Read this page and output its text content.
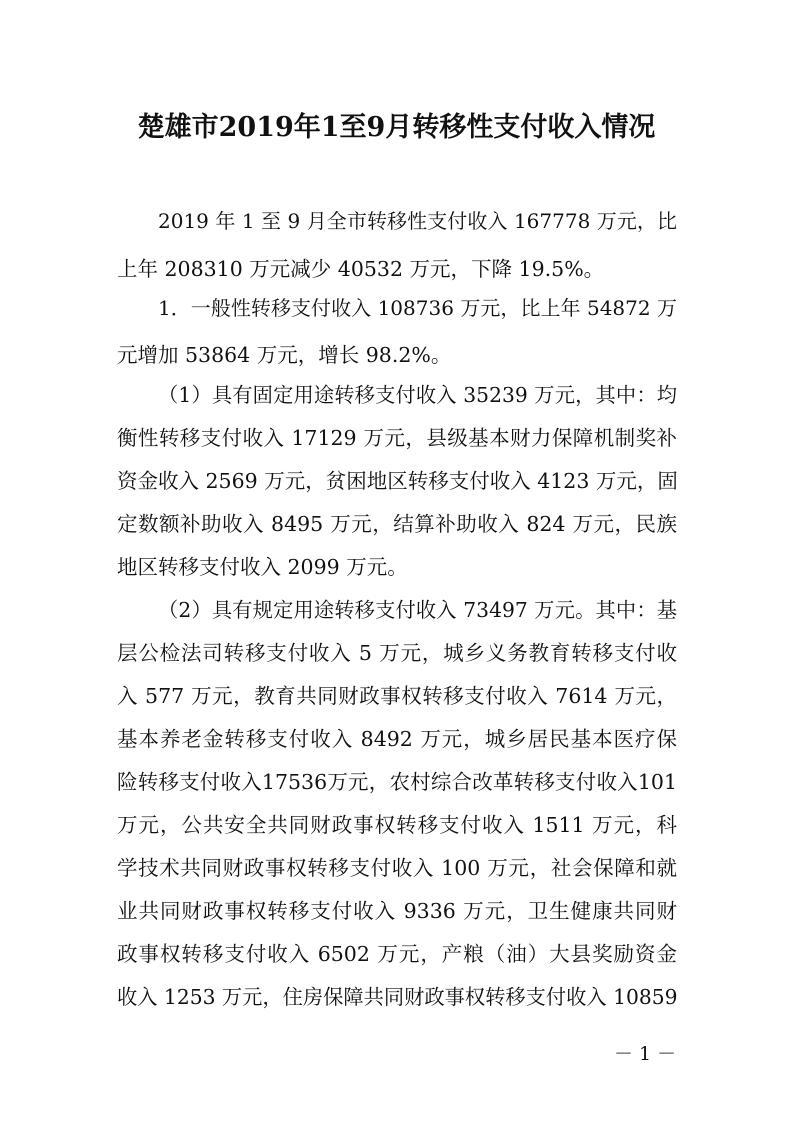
楚雄市2019年1至9月转移性支付收入情况
2019 年 1 至 9 月全市转移性支付收入 167778 万元，比
上年 208310 万元减少 40532 万元，下降 19.5%。
1．一般性转移支付收入 108736 万元，比上年 54872 万
元增加 53864 万元，增长 98.2%。
（1）具有固定用途转移支付收入 35239 万元，其中：均
衡性转移支付收入 17129 万元，县级基本财力保障机制奖补
资金收入 2569 万元，贫困地区转移支付收入 4123 万元，固
定数额补助收入 8495 万元，结算补助收入 824 万元，民族
地区转移支付收入 2099 万元。
（2）具有规定用途转移支付收入 73497 万元。其中：基
层公检法司转移支付收入 5 万元，城乡义务教育转移支付收
入 577 万元，教育共同财政事权转移支付收入 7614 万元，
基本养老金转移支付收入 8492 万元，城乡居民基本医疗保
险转移支付收入17536万元，农村综合改革转移支付收入101
万元，公共安全共同财政事权转移支付收入 1511 万元，科
学技术共同财政事权转移支付收入 100 万元，社会保障和就
业共同财政事权转移支付收入 9336 万元，卫生健康共同财
政事权转移支付收入 6502 万元，产粮（油）大县奖励资金
收入 1253 万元，住房保障共同财政事权转移支付收入 10859
－ 1 －
